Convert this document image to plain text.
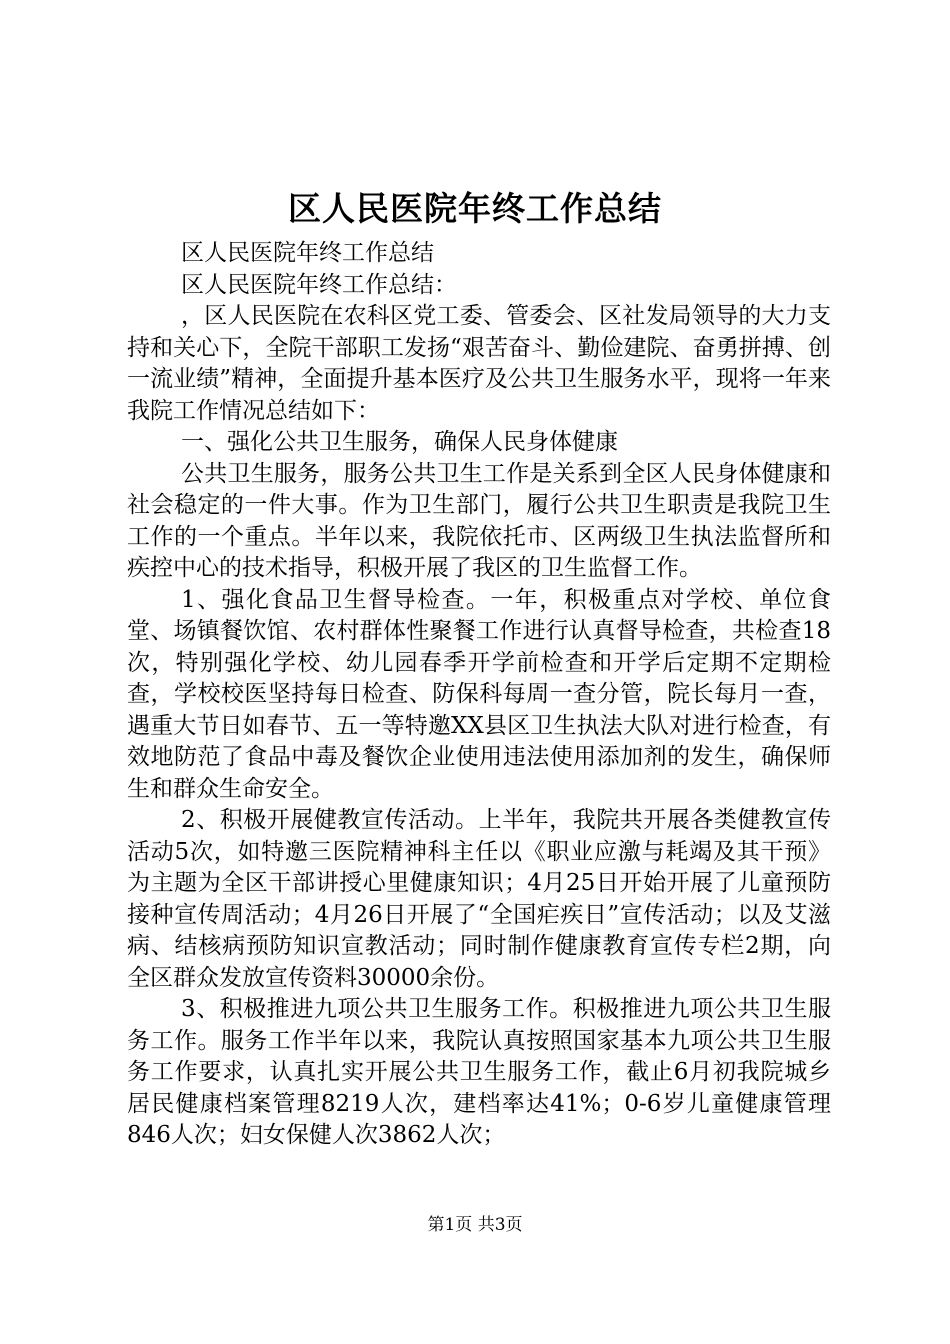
区人民医院年终工作总结

区人民医院年终工作总结

区人民医院年终工作总结：

，区人民医院在农科区党工委、管委会、区社发局领导的大力支持和关心下，全院干部职工发扬“艰苦奋斗、勤俭建院、奋勇拼搏、创一流业绩”精神，全面提升基本医疗及公共卫生服务水平，现将一年来我院工作情况总结如下：

一、强化公共卫生服务，确保人民身体健康

公共卫生服务，服务公共卫生工作是关系到全区人民身体健康和社会稳定的一件大事。作为卫生部门，履行公共卫生职责是我院卫生工作的一个重点。半年以来，我院依托市、区两级卫生执法监督所和疾控中心的技术指导，积极开展了我区的卫生监督工作。

1、强化食品卫生督导检查。一年，积极重点对学校、单位食堂、场镇餐饮馆、农村群体性聚餐工作进行认真督导检查，共检查18次，特别强化学校、幼儿园春季开学前检查和开学后定期不定期检查，学校校医坚持每日检查、防保科每周一查分管，院长每月一查，遇重大节日如春节、五一等特邀XX县区卫生执法大队对进行检查，有效地防范了食品中毒及餐饮企业使用违法使用添加剂的发生，确保师生和群众生命安全。

2、积极开展健教宣传活动。上半年，我院共开展各类健教宣传活动5次，如特邀三医院精神科主任以《职业应激与耗竭及其干预》为主题为全区干部讲授心里健康知识；4月25日开始开展了儿童预防接种宣传周活动；4月26日开展了“全国疟疾日”宣传活动；以及艾滋病、结核病预防知识宣教活动；同时制作健康教育宣传专栏2期，向全区群众发放宣传资料30000余份。

3、积极推进九项公共卫生服务工作。积极推进九项公共卫生服务工作。服务工作半年以来，我院认真按照国家基本九项公共卫生服务工作要求，认真扎实开展公共卫生服务工作，截止6月初我院城乡居民健康档案管理8219人次，建档率达41%；0-6岁儿童健康管理846人次；妇女保健人次3862人次；

第1页 共3页
